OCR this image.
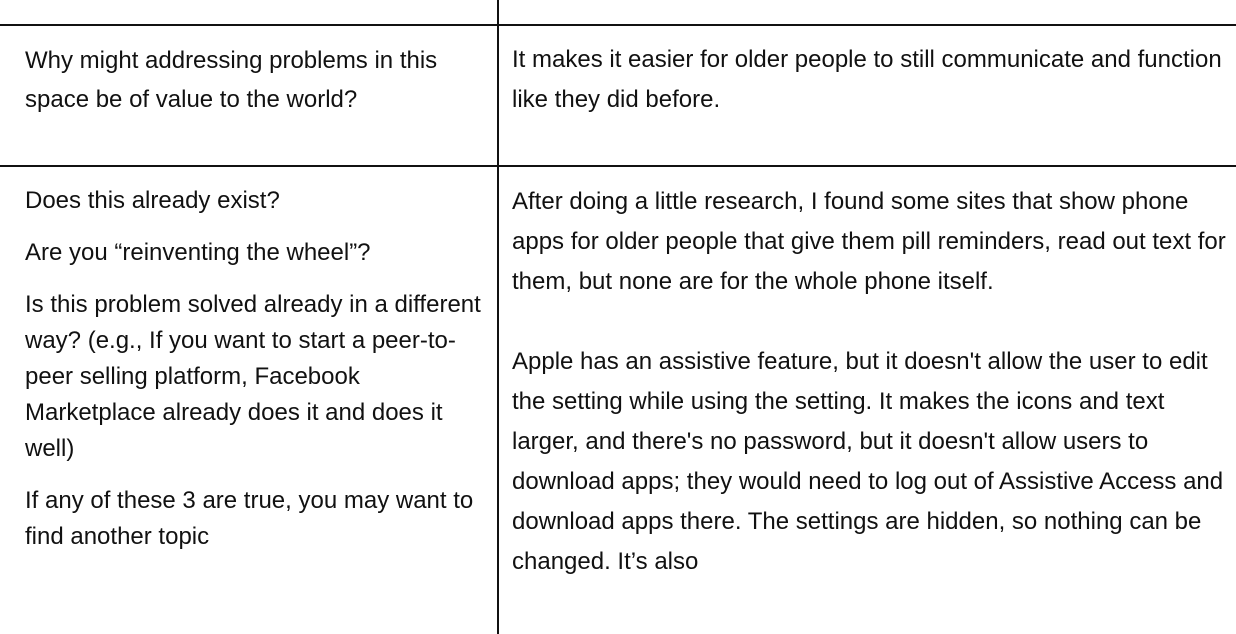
Why might addressing problems in this space be of value to the world?

It makes it easier for older people to still communicate and function like they did before.

Does this already exist?

Are you “reinventing the wheel”?

Is this problem solved already in a different way? (e.g., If you want to start a peer-to-peer selling platform, Facebook Marketplace already does it and does it well)

If any of these 3 are true, you may want to find another topic

After doing a little research, I found some sites that show phone apps for older people that give them pill reminders, read out text for them, but none are for the whole phone itself.

Apple has an assistive feature, but it doesn't allow the user to edit the setting while using the setting. It makes the icons and text larger, and there's no password, but it doesn't allow users to download apps; they would need to log out of Assistive Access and download apps there. The settings are hidden, so nothing can be changed. It’s also
